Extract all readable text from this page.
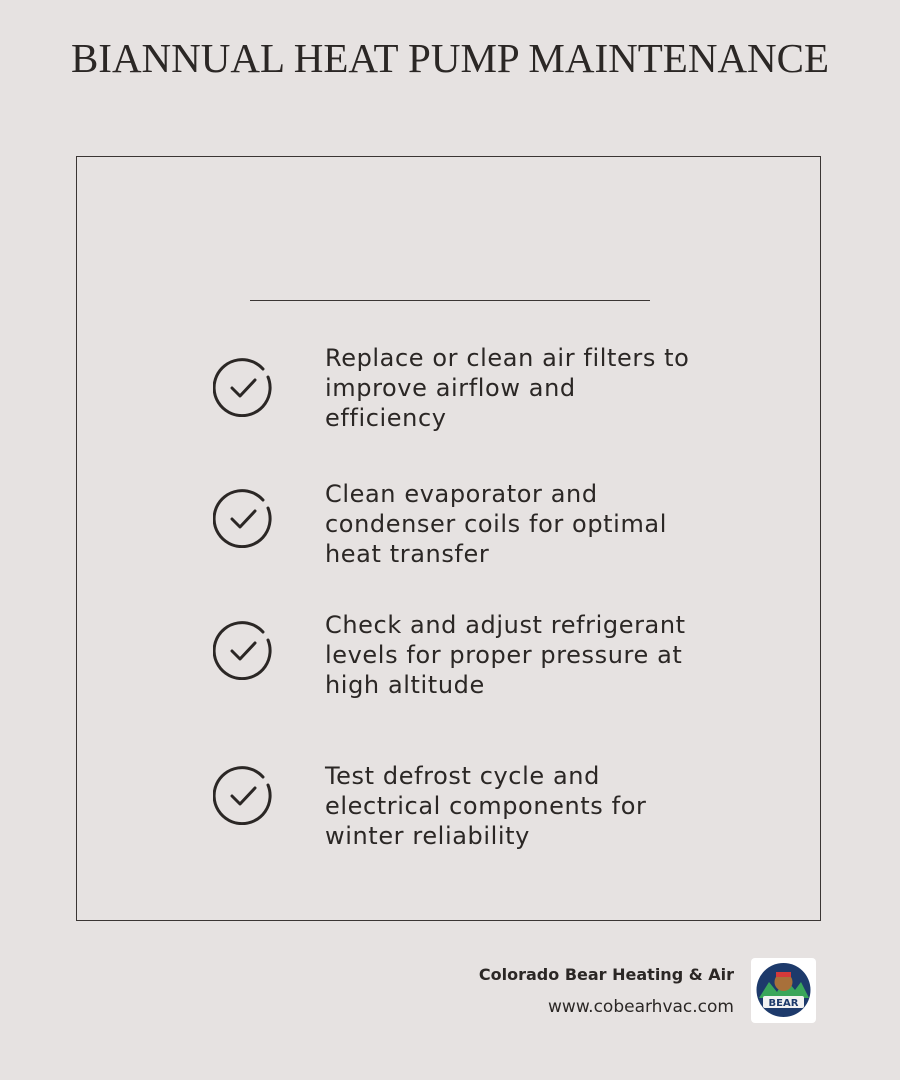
BIANNUAL HEAT PUMP MAINTENANCE
Replace or clean air filters to
improve airflow and
efficiency
Clean evaporator and
condenser coils for optimal
heat transfer
Check and adjust refrigerant
levels for proper pressure at
high altitude
Test defrost cycle and
electrical components for
winter reliability
Colorado Bear Heating & Air
www.cobearhvac.com	BEAR
